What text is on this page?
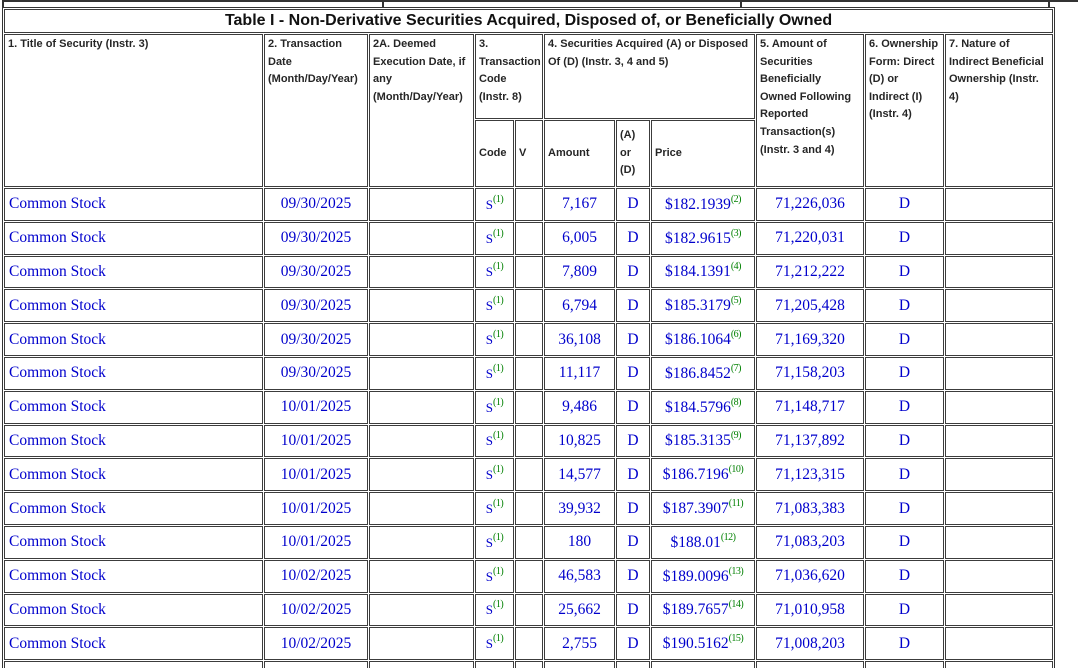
Table I - Non-Derivative Securities Acquired, Disposed of, or Beneficially Owned										
1. Title of Security (Instr. 3)	2. Transaction Date (Month/Day/Year)	2A. Deemed Execution Date, if any (Month/Day/Year)	3. Transaction Code (Instr. 8)		4. Securities Acquired (A) or Disposed Of (D) (Instr. 3, 4 and 5)			5. Amount of Securities Beneficially Owned Following Reported Transaction(s) (Instr. 3 and 4)	6. Ownership Form: Direct (D) or Indirect (I) (Instr. 4)	7. Nature of Indirect Beneficial Ownership (Instr. 4)
			Code	V	Amount	(A) or (D)	Price			
Common Stock	09/30/2025		S$^{(1)}$		7,167	D	$182.1939$^{(2)}$	71,226,036	D	
Common Stock	09/30/2025		S$^{(1)}$		6,005	D	$182.9615$^{(3)}$	71,220,031	D	
Common Stock	09/30/2025		S$^{(1)}$		7,809	D	$184.1391$^{(4)}$	71,212,222	D	
Common Stock	09/30/2025		S$^{(1)}$		6,794	D	$185.3179$^{(5)}$	71,205,428	D	
Common Stock	09/30/2025		S$^{(1)}$		36,108	D	$186.1064$^{(6)}$	71,169,320	D	
Common Stock	09/30/2025		S$^{(1)}$		11,117	D	$186.8452$^{(7)}$	71,158,203	D	
Common Stock	10/01/2025		S$^{(1)}$		9,486	D	$184.5796$^{(8)}$	71,148,717	D	
Common Stock	10/01/2025		S$^{(1)}$		10,825	D	$185.3135$^{(9)}$	71,137,892	D	
Common Stock	10/01/2025		S$^{(1)}$		14,577	D	$186.7196$^{(10)}$	71,123,315	D	
Common Stock	10/01/2025		S$^{(1)}$		39,932	D	$187.3907$^{(11)}$	71,083,383	D	
Common Stock	10/01/2025		S$^{(1)}$		180	D	$188.01$^{(12)}$	71,083,203	D	
Common Stock	10/02/2025		S$^{(1)}$		46,583	D	$189.0096$^{(13)}$	71,036,620	D	
Common Stock	10/02/2025		S$^{(1)}$		25,662	D	$189.7657$^{(14)}$	71,010,958	D	
Common Stock	10/02/2025		S$^{(1)}$		2,755	D	$190.5162$^{(15)}$	71,008,203	D	
